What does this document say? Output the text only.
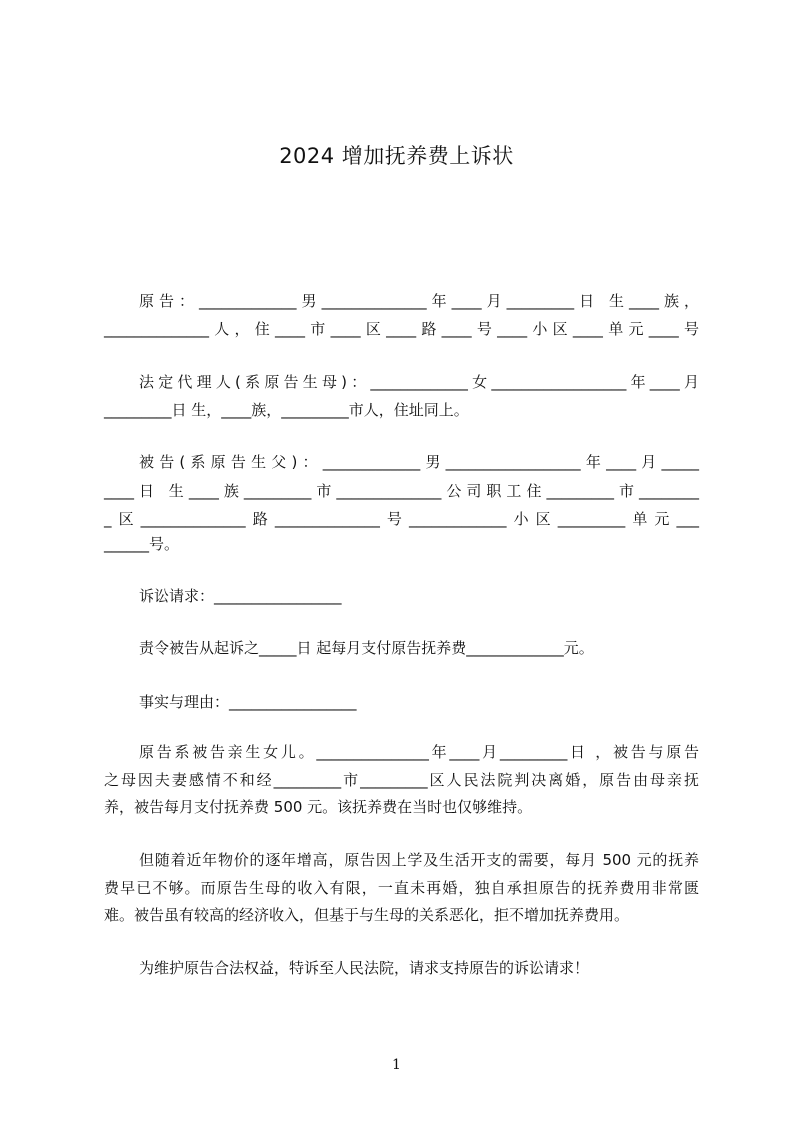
2024 增加抚养费上诉状
原告：_____________男______________年____月_________日 生____族，
______________人，住____市____区____路____号____小区____单元____号
法定代理人(系原告生母)：_____________女__________________年____月
_________日 生，____族，_________市人，住址同上。
被告(系原告生父)：_____________男__________________年____月_____
____日 生____族_________市______________公司职工住_________市________
_区______________路______________号_____________小区_________单元___
______号。
诉讼请求：_________________
责令被告从起诉之_____日 起每月支付原告抚养费_____________元。
事实与理由：_________________
原告系被告亲生女儿。_______________年____月_________日 ，被告与原告
之母因夫妻感情不和经_________市_________区人民法院判决离婚，原告由母亲抚
养，被告每月支付抚养费 500 元。该抚养费在当时也仅够维持。
但随着近年物价的逐年增高，原告因上学及生活开支的需要，每月 500 元的抚养
费早已不够。而原告生母的收入有限，一直未再婚，独自承担原告的抚养费用非常匮
难。被告虽有较高的经济收入，但基于与生母的关系恶化，拒不增加抚养费用。
为维护原告合法权益，特诉至人民法院，请求支持原告的诉讼请求！
1
